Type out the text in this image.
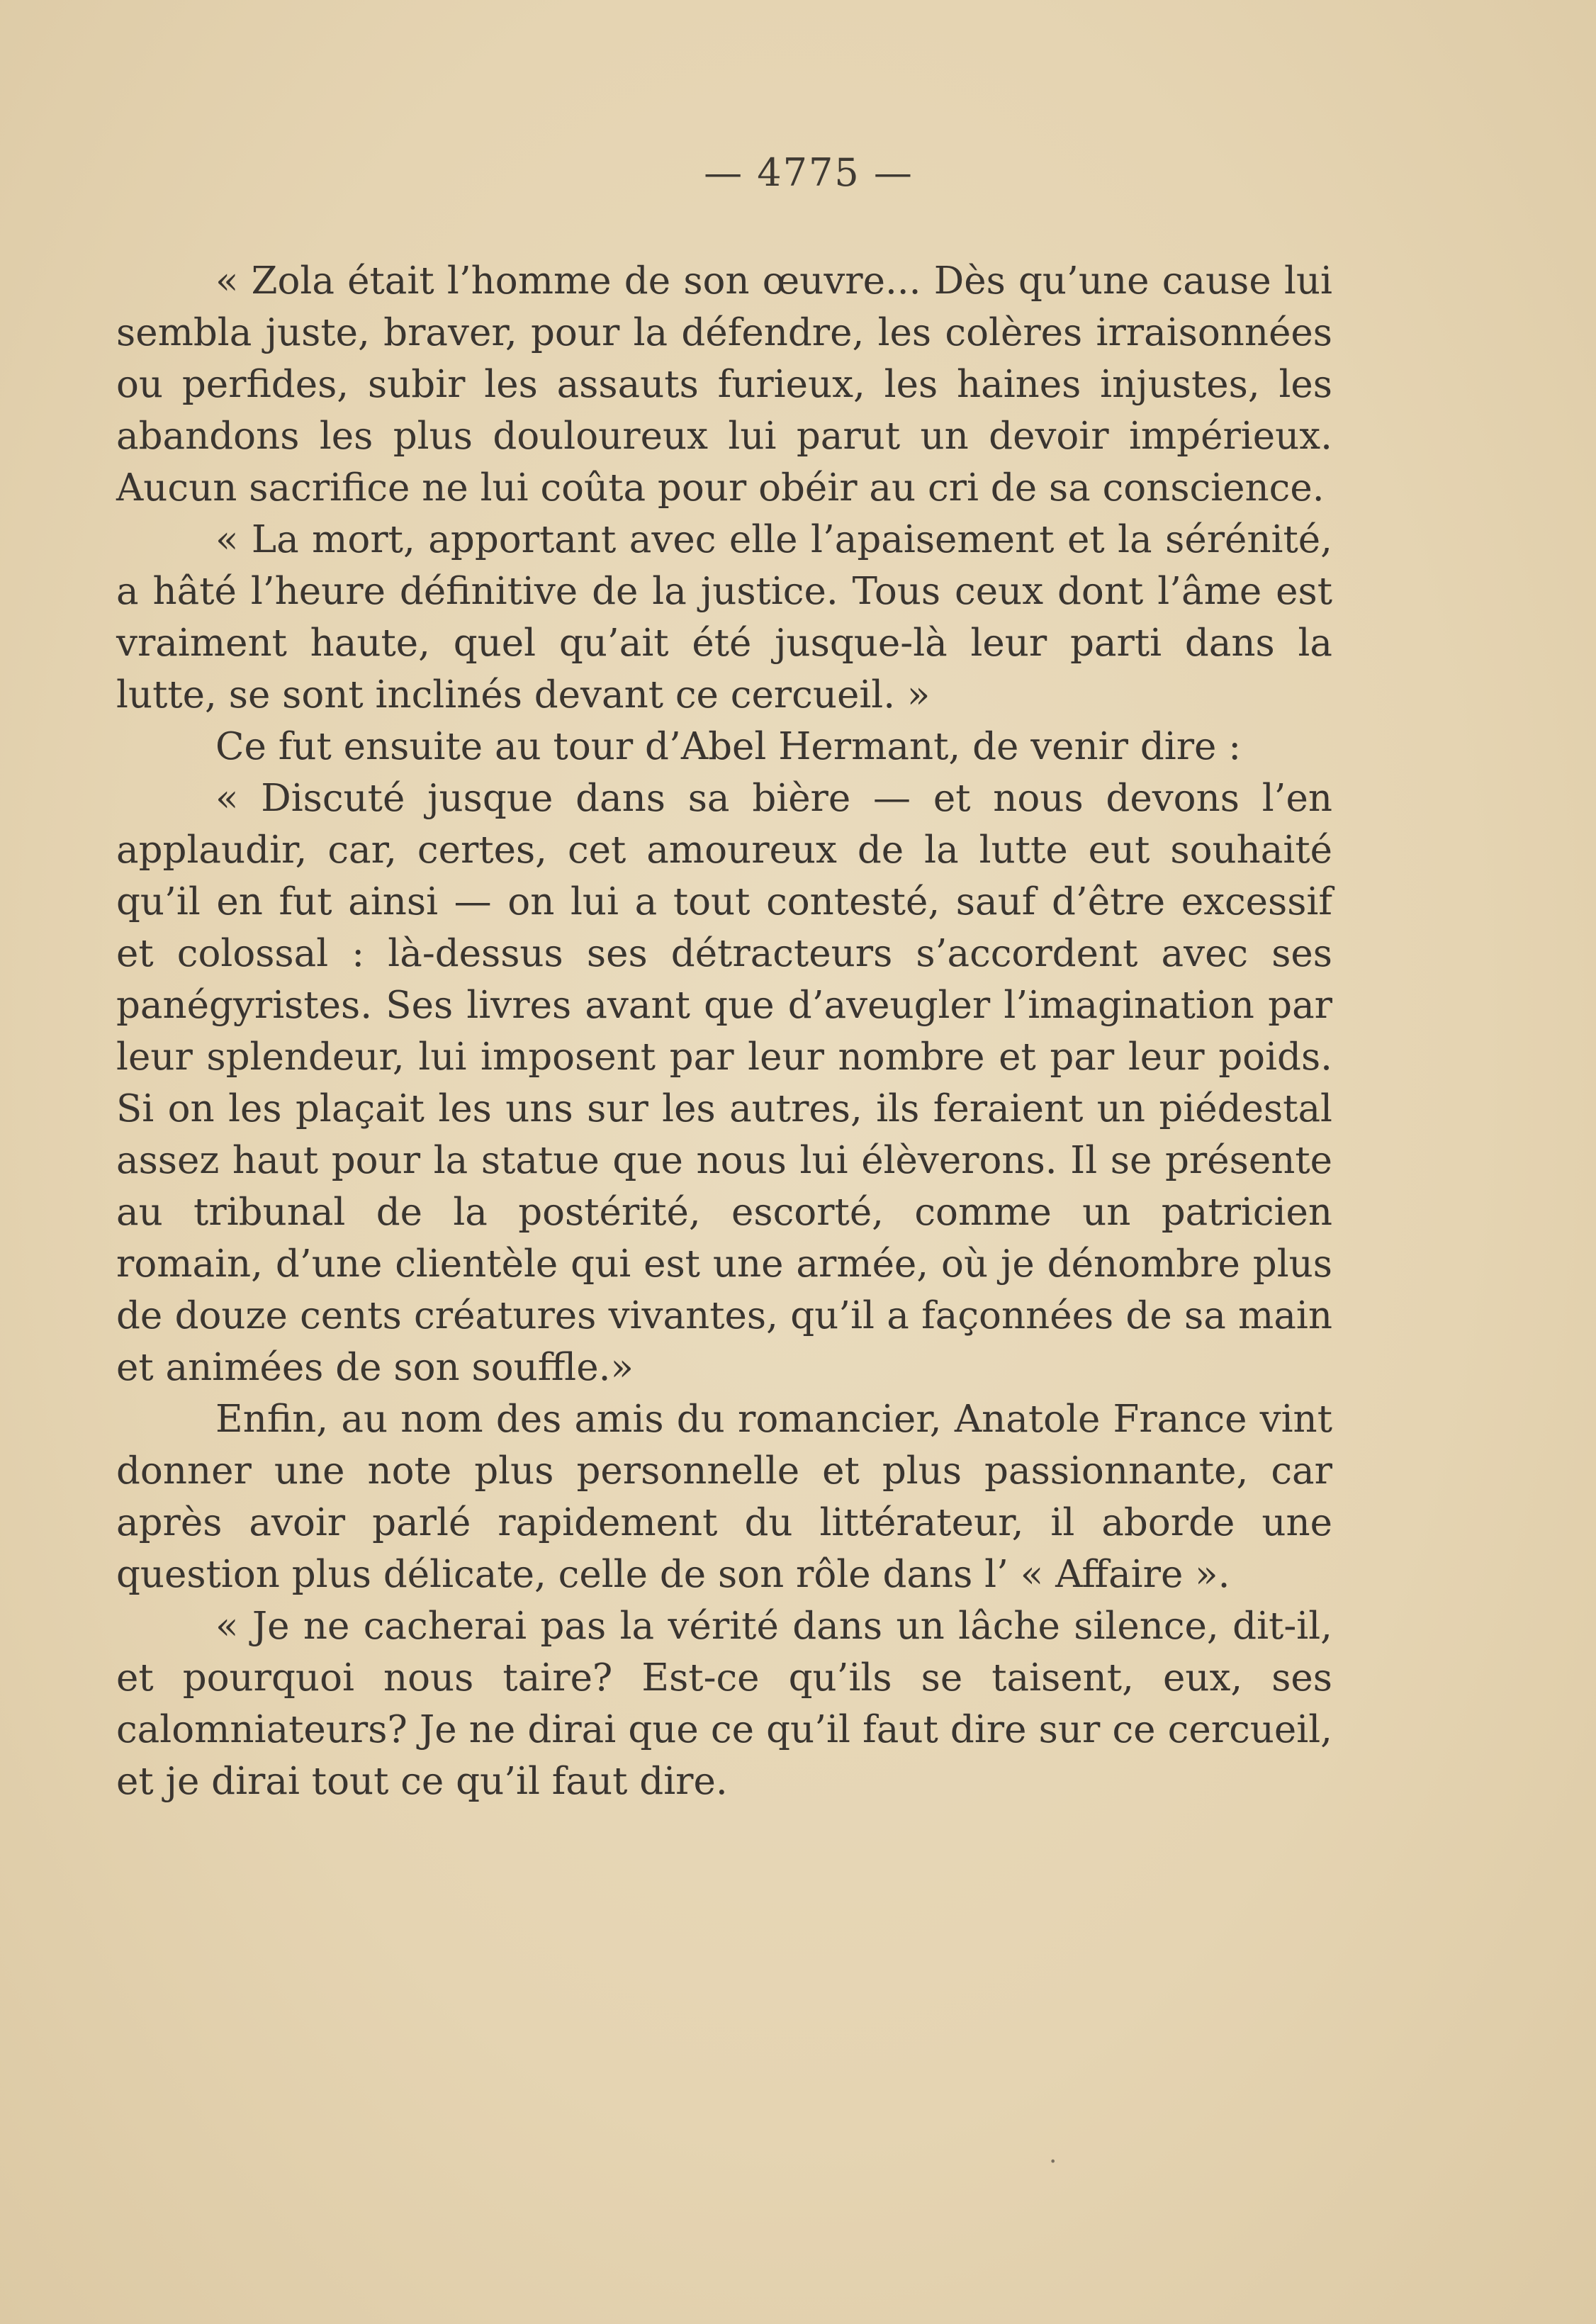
— 4775 —

« Zola était l’homme de son œuvre... Dès qu’une cause lui sembla juste, braver, pour la défendre, les colères irraisonnées ou perfides, subir les assauts furieux, les haines injustes, les abandons les plus douloureux lui parut un devoir impérieux. Aucun sacrifice ne lui coûta pour obéir au cri de sa conscience.

« La mort, apportant avec elle l’apaisement et la sérénité, a hâté l’heure définitive de la justice. Tous ceux dont l’âme est vraiment haute, quel qu’ait été jusque-là leur parti dans la lutte, se sont inclinés devant ce cercueil. »

Ce fut ensuite au tour d’Abel Hermant, de venir dire :

« Discuté jusque dans sa bière — et nous devons l’en applaudir, car, certes, cet amoureux de la lutte eut souhaité qu’il en fut ainsi — on lui a tout contesté, sauf d’être excessif et colossal : là-dessus ses détracteurs s’accordent avec ses panégyristes. Ses livres avant que d’aveugler l’imagination par leur splendeur, lui imposent par leur nombre et par leur poids. Si on les plaçait les uns sur les autres, ils feraient un piédestal assez haut pour la statue que nous lui élèverons. Il se présente au tribunal de la postérité, escorté, comme un patricien romain, d’une clientèle qui est une armée, où je dénombre plus de douze cents créatures vivantes, qu’il a façonnées de sa main et animées de son souffle.»

Enfin, au nom des amis du romancier, Anatole France vint donner une note plus personnelle et plus passionnante, car après avoir parlé rapidement du littérateur, il aborde une question plus délicate, celle de son rôle dans l’ « Affaire ».

« Je ne cacherai pas la vérité dans un lâche silence, dit-il, et pourquoi nous taire? Est-ce qu’ils se taisent, eux, ses calomniateurs? Je ne dirai que ce qu’il faut dire sur ce cercueil, et je dirai tout ce qu’il faut dire.

·
